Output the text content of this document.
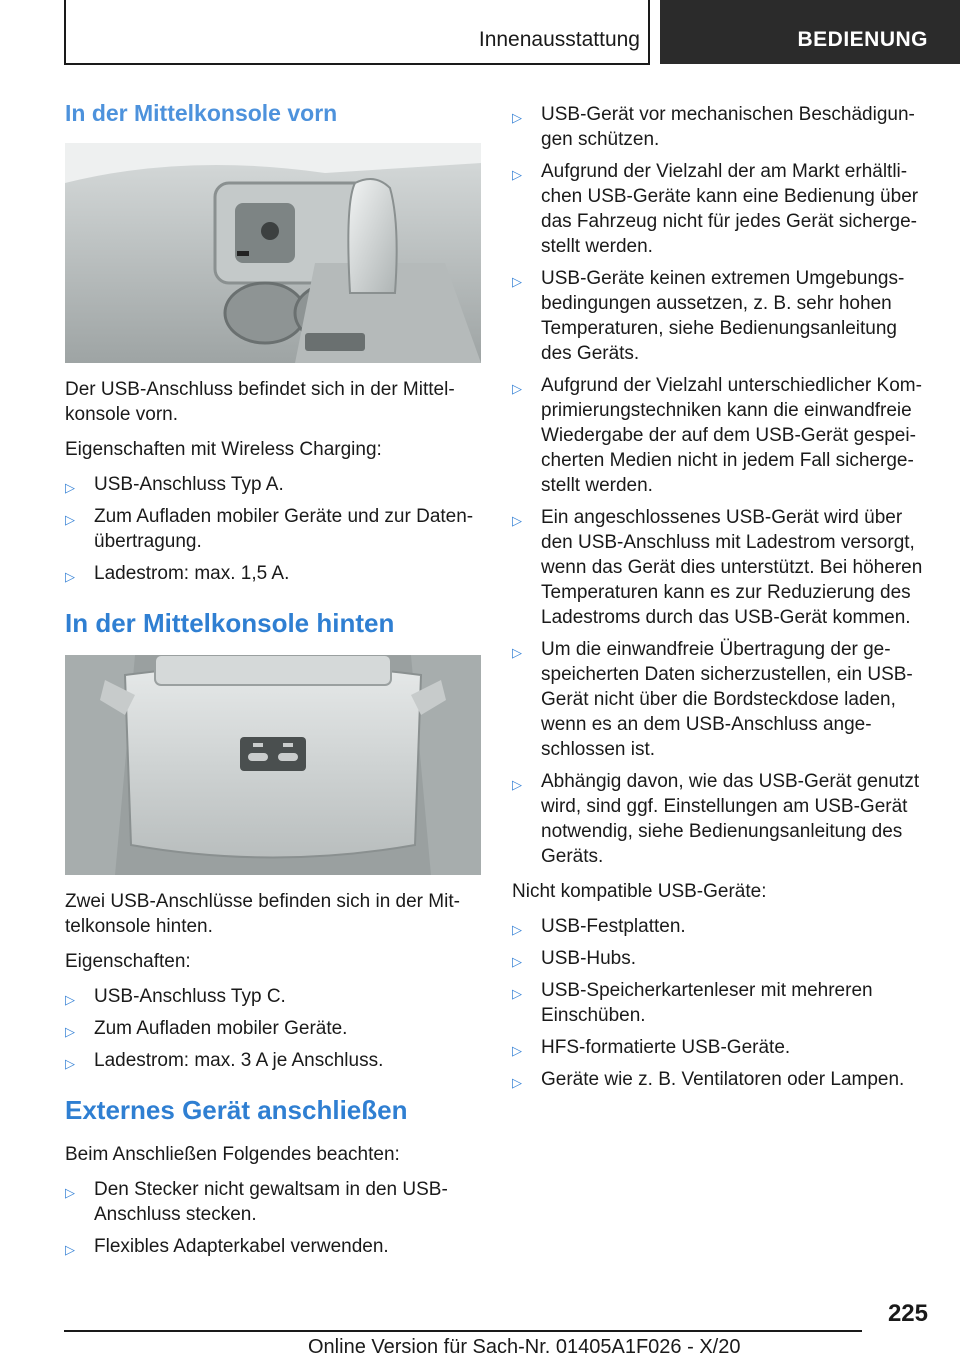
Innenausstattung	BEDIENUNG
In der Mittelkonsole vorn

Der USB-Anschluss befindet sich in der Mittel-konsole vorn.

Eigenschaften mit Wireless Charging:

▷ USB-Anschluss Typ A.
▷ Zum Aufladen mobiler Geräte und zur Daten-übertragung.
▷ Ladestrom: max. 1,5 A.
In der Mittelkonsole hinten

Zwei USB-Anschlüsse befinden sich in der Mit-telkonsole hinten.

Eigenschaften:

▷ USB-Anschluss Typ C.
▷ Zum Aufladen mobiler Geräte.
▷ Ladestrom: max. 3 A je Anschluss.
Externes Gerät anschließen

Beim Anschließen Folgendes beachten:

▷ Den Stecker nicht gewaltsam in den USB-Anschluss stecken.
▷ Flexibles Adapterkabel verwenden.
▷ USB-Gerät vor mechanischen Beschädigun-gen schützen.
▷ Aufgrund der Vielzahl der am Markt erhältli-chen USB-Geräte kann eine Bedienung über das Fahrzeug nicht für jedes Gerät sicherge-stellt werden.
▷ USB-Geräte keinen extremen Umgebungs-bedingungen aussetzen, z. B. sehr hohen Temperaturen, siehe Bedienungsanleitung des Geräts.
▷ Aufgrund der Vielzahl unterschiedlicher Kom-primierungstechniken kann die einwandfreie Wiedergabe der auf dem USB-Gerät gespei-cherten Medien nicht in jedem Fall sicherge-stellt werden.
▷ Ein angeschlossenes USB-Gerät wird über den USB-Anschluss mit Ladestrom versorgt, wenn das Gerät dies unterstützt. Bei höheren Temperaturen kann es zur Reduzierung des Ladestroms durch das USB-Gerät kommen.
▷ Um die einwandfreie Übertragung der ge-speicherten Daten sicherzustellen, ein USB-Gerät nicht über die Bordsteckdose laden, wenn es an dem USB-Anschluss ange-schlossen ist.
▷ Abhängig davon, wie das USB-Gerät genutzt wird, sind ggf. Einstellungen am USB-Gerät notwendig, siehe Bedienungsanleitung des Geräts.

Nicht kompatible USB-Geräte:

▷ USB-Festplatten.
▷ USB-Hubs.
▷ USB-Speicherkartenleser mit mehreren Einschüben.
▷ HFS-formatierte USB-Geräte.
▷ Geräte wie z. B. Ventilatoren oder Lampen.
225
Online Version für Sach-Nr. 01405A1F026 - X/20
